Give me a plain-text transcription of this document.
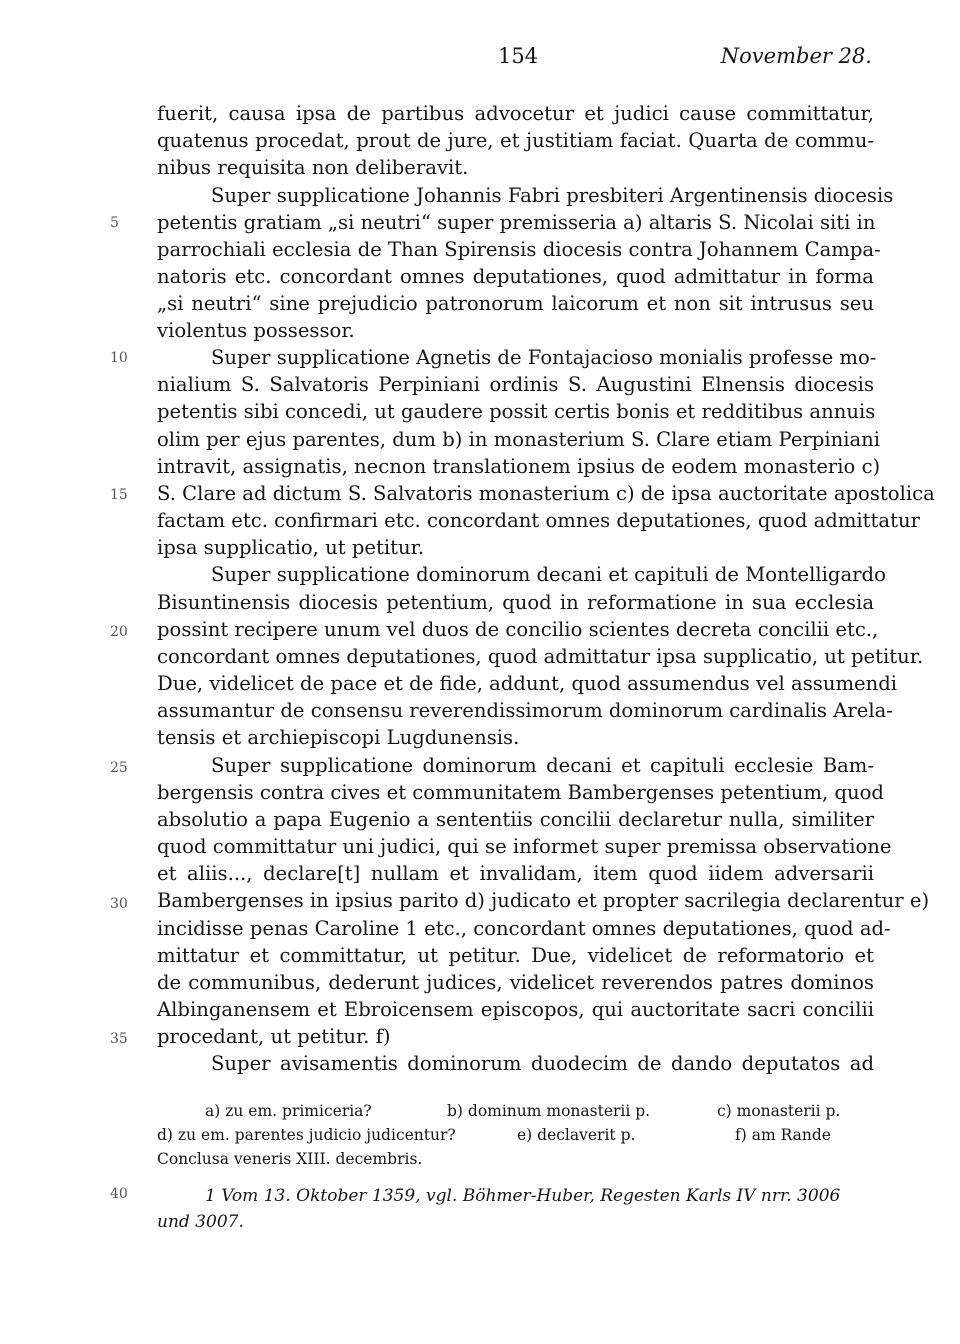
154	November 28.
5
10
15
20
25
30
35
fuerit, causa ipsa de partibus advocetur et judici cause committatur,
quatenus procedat, prout de jure, et justitiam faciat. Quarta de commu-
nibus requisita non deliberavit.
Super supplicatione Johannis Fabri presbiteri Argentinensis diocesis
petentis gratiam „si neutri“ super premisseria a) altaris S. Nicolai siti in
parrochiali ecclesia de Than Spirensis diocesis contra Johannem Campa-
natoris etc. concordant omnes deputationes, quod admittatur in forma
„si neutri“ sine prejudicio patronorum laicorum et non sit intrusus seu
violentus possessor.
Super supplicatione Agnetis de Fontajacioso monialis professe mo-
nialium S. Salvatoris Perpiniani ordinis S. Augustini Elnensis diocesis
petentis sibi concedi, ut gaudere possit certis bonis et redditibus annuis
olim per ejus parentes, dum b) in monasterium S. Clare etiam Perpiniani
intravit, assignatis, necnon translationem ipsius de eodem monasterio c)
S. Clare ad dictum S. Salvatoris monasterium c) de ipsa auctoritate apostolica
factam etc. confirmari etc. concordant omnes deputationes, quod admittatur
ipsa supplicatio, ut petitur.
Super supplicatione dominorum decani et capituli de Montelligardo
Bisuntinensis diocesis petentium, quod in reformatione in sua ecclesia
possint recipere unum vel duos de concilio scientes decreta concilii etc.,
concordant omnes deputationes, quod admittatur ipsa supplicatio, ut petitur.
Due, videlicet de pace et de fide, addunt, quod assumendus vel assumendi
assumantur de consensu reverendissimorum dominorum cardinalis Arela-
tensis et archiepiscopi Lugdunensis.
Super supplicatione dominorum decani et capituli ecclesie Bam-
bergensis contra cives et communitatem Bambergenses petentium, quod
absolutio a papa Eugenio a sententiis concilii declaretur nulla, similiter
quod committatur uni judici, qui se informet super premissa observatione
et aliis..., declare[t] nullam et invalidam, item quod iidem adversarii
Bambergenses in ipsius parito d) judicato et propter sacrilegia declarentur e)
incidisse penas Caroline 1 etc., concordant omnes deputationes, quod ad-
mittatur et committatur, ut petitur. Due, videlicet de reformatorio et
de communibus, dederunt judices, videlicet reverendos patres dominos
Albinganensem et Ebroicensem episcopos, qui auctoritate sacri concilii
procedant, ut petitur. f)
Super avisamentis dominorum duodecim de dando deputatos ad
a) zu em. primiceria?	b) dominum monasterii p.	c) monasterii p.
d) zu em. parentes judicio judicentur?	e) declaverit p.	f) am Rande
Conclusa veneris XIII. decembris.
40	1 Vom 13. Oktober 1359, vgl. Böhmer-Huber, Regesten Karls IV nrr. 3006
und 3007.
